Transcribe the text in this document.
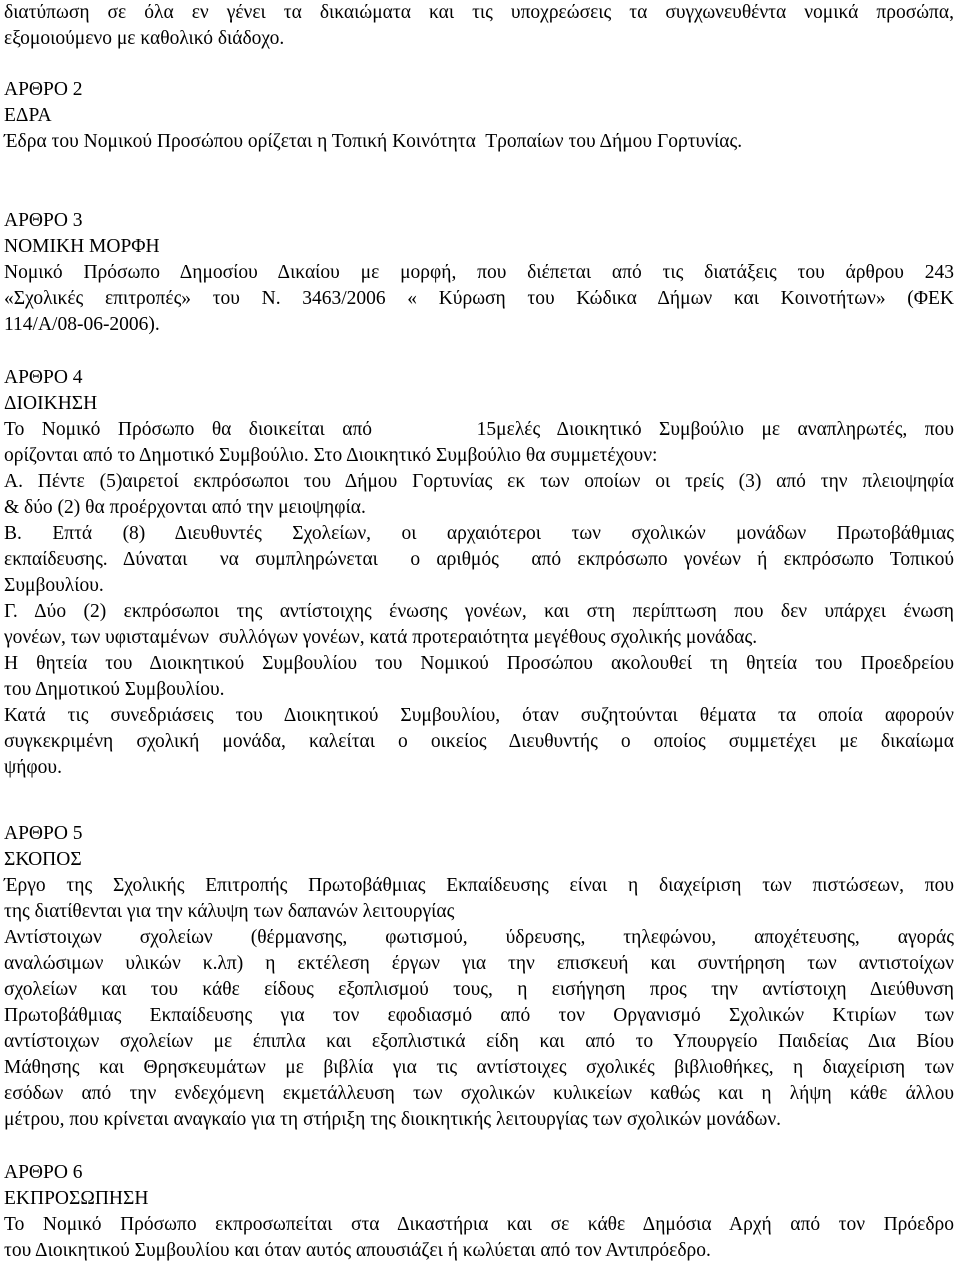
διατύπωση σε όλα εν γένει τα δικαιώματα και τις υποχρεώσεις τα συγχωνευθέντα νομικά προσώπα,
εξομοιούμενο με καθολικό διάδοχο.
ΑΡΘΡΟ 2
ΕΔΡΑ
Έδρα του Νομικού Προσώπου ορίζεται η Τοπική Κοινότητα  Τροπαίων του Δήμου Γορτυνίας.
ΑΡΘΡΟ 3
ΝΟΜΙΚΗ ΜΟΡΦΗ
Νομικό Πρόσωπο Δημοσίου Δικαίου με μορφή, που διέπεται από τις διατάξεις του άρθρου 243
«Σχολικές επιτροπές» του Ν. 3463/2006 « Κύρωση του Κώδικα Δήμων και Κοινοτήτων» (ΦΕΚ
114/Α/08-06-2006).
ΑΡΘΡΟ 4
ΔΙΟΙΚΗΣΗ
Το Νομικό Πρόσωπο θα διοικείται από      15μελές Διοικητικό Συμβούλιο με αναπληρωτές, που
ορίζονται από το Δημοτικό Συμβούλιο. Στο Διοικητικό Συμβούλιο θα συμμετέχουν:
Α. Πέντε (5)αιρετοί εκπρόσωποι του Δήμου Γορτυνίας εκ των οποίων οι τρείς (3) από την πλειοψηφία
& δύο (2) θα προέρχονται από την μειοψηφία.
Β. Επτά (8) Διευθυντές Σχολείων, οι αρχαιότεροι των σχολικών μονάδων Πρωτοβάθμιας
εκπαίδευσης. Δύναται  να συμπληρώνεται  ο αριθμός  από εκπρόσωπο γονέων ή εκπρόσωπο Τοπικού
Συμβουλίου.
Γ. Δύο (2) εκπρόσωποι της αντίστοιχης ένωσης γονέων, και στη περίπτωση που δεν υπάρχει ένωση
γονέων, των υφισταμένων  συλλόγων γονέων, κατά προτεραιότητα μεγέθους σχολικής μονάδας.
Η θητεία του Διοικητικού Συμβουλίου του Νομικού Προσώπου ακολουθεί τη θητεία του Προεδρείου
του Δημοτικού Συμβουλίου.
Κατά τις συνεδριάσεις του Διοικητικού Συμβουλίου, όταν συζητούνται θέματα τα οποία αφορούν
συγκεκριμένη σχολική μονάδα, καλείται ο οικείος Διευθυντής ο οποίος συμμετέχει με δικαίωμα
ψήφου.
ΑΡΘΡΟ 5
ΣΚΟΠΟΣ
Έργο της Σχολικής Επιτροπής Πρωτοβάθμιας Εκπαίδευσης είναι η διαχείριση των πιστώσεων, που
της διατίθενται για την κάλυψη των δαπανών λειτουργίας
Αντίστοιχων σχολείων (θέρμανσης, φωτισμού, ύδρευσης, τηλεφώνου, αποχέτευσης, αγοράς
αναλώσιμων υλικών κ.λπ) η εκτέλεση έργων για την επισκευή και συντήρηση των αντιστοίχων
σχολείων και του κάθε είδους εξοπλισμού τους, η εισήγηση προς την αντίστοιχη Διεύθυνση
Πρωτοβάθμιας Εκπαίδευσης για τον εφοδιασμό από τον Οργανισμό Σχολικών Κτιρίων των
αντίστοιχων σχολείων με έπιπλα και εξοπλιστικά είδη και από το Υπουργείο Παιδείας Δια Βίου
Μάθησης και Θρησκευμάτων με βιβλία για τις αντίστοιχες σχολικές βιβλιοθήκες, η διαχείριση των
εσόδων από την ενδεχόμενη εκμετάλλευση των σχολικών κυλικείων καθώς και η λήψη κάθε άλλου
μέτρου, που κρίνεται αναγκαίο για τη στήριξη της διοικητικής λειτουργίας των σχολικών μονάδων.
ΑΡΘΡΟ 6
ΕΚΠΡΟΣΩΠΗΣΗ
Το Νομικό Πρόσωπο εκπροσωπείται στα Δικαστήρια και σε κάθε Δημόσια Αρχή από τον Πρόεδρο
του Διοικητικού Συμβουλίου και όταν αυτός απουσιάζει ή κωλύεται από τον Αντιπρόεδρο.
